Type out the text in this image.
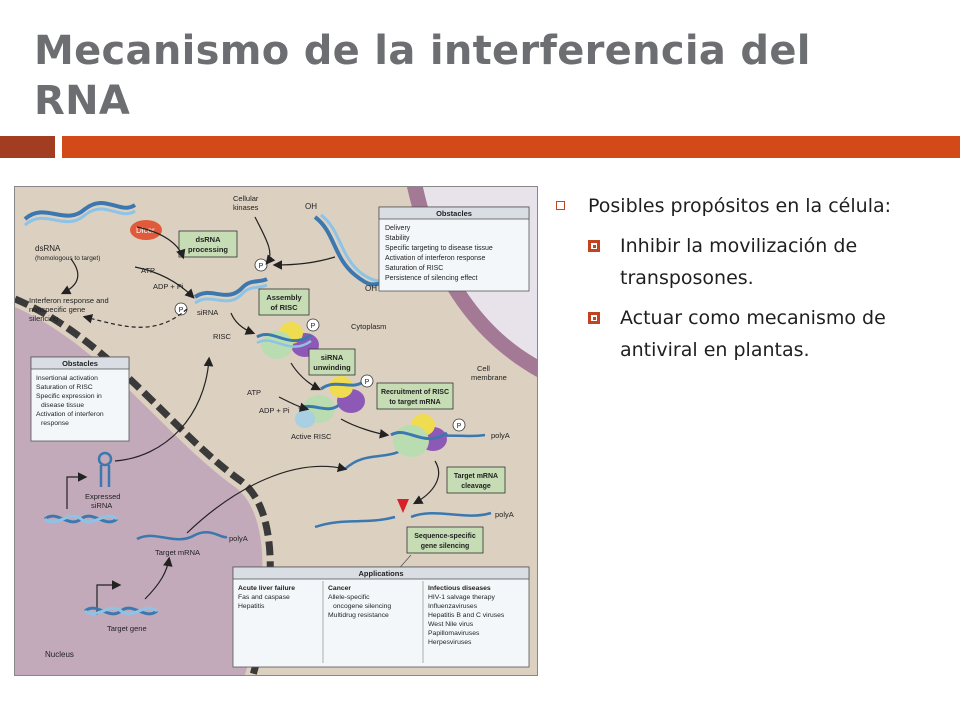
Mecanismo de la interferencia del RNA
dsRNA
(homologous to target)
Dicer
Cellular
kinases	OH
dsRNA
processing
OH
Obstacles
Delivery
Stability
Specific targeting to disease tissue
Activation of interferon response
Saturation of RISC
Persistence of silencing effect
ATP
ADP + Pi
P
P siRNA
Interferon response and
nonspecific gene
silencing
Assembly
of RISC
RISC
Cytoplasm
Cell
membrane
P
siRNA
unwinding
ATP
ADP + Pi
P
Active RISC
Recruitment of RISC
to target mRNA
P
polyA
Target mRNA
cleavage
polyA
Sequence-specific
gene silencing
Obstacles
Insertional activation
Saturation of RISC
Specific expression in
disease tissue
Activation of interferon
response
Expressed
siRNA
polyA
Target mRNA
Target gene
Nucleus
Applications
Acute liver failure
Fas and caspase
Hepatitis
Cancer
Allele-specific
oncogene silencing
Multidrug resistance
Infectious diseases
HIV-1 salvage therapy
Influenzaviruses
Hepatitis B and C viruses
West Nile virus
Papillomaviruses
Herpesviruses
Posibles propósitos en la célula:
Inhibir la movilización de transposones.
Actuar como mecanismo de antiviral en plantas.
